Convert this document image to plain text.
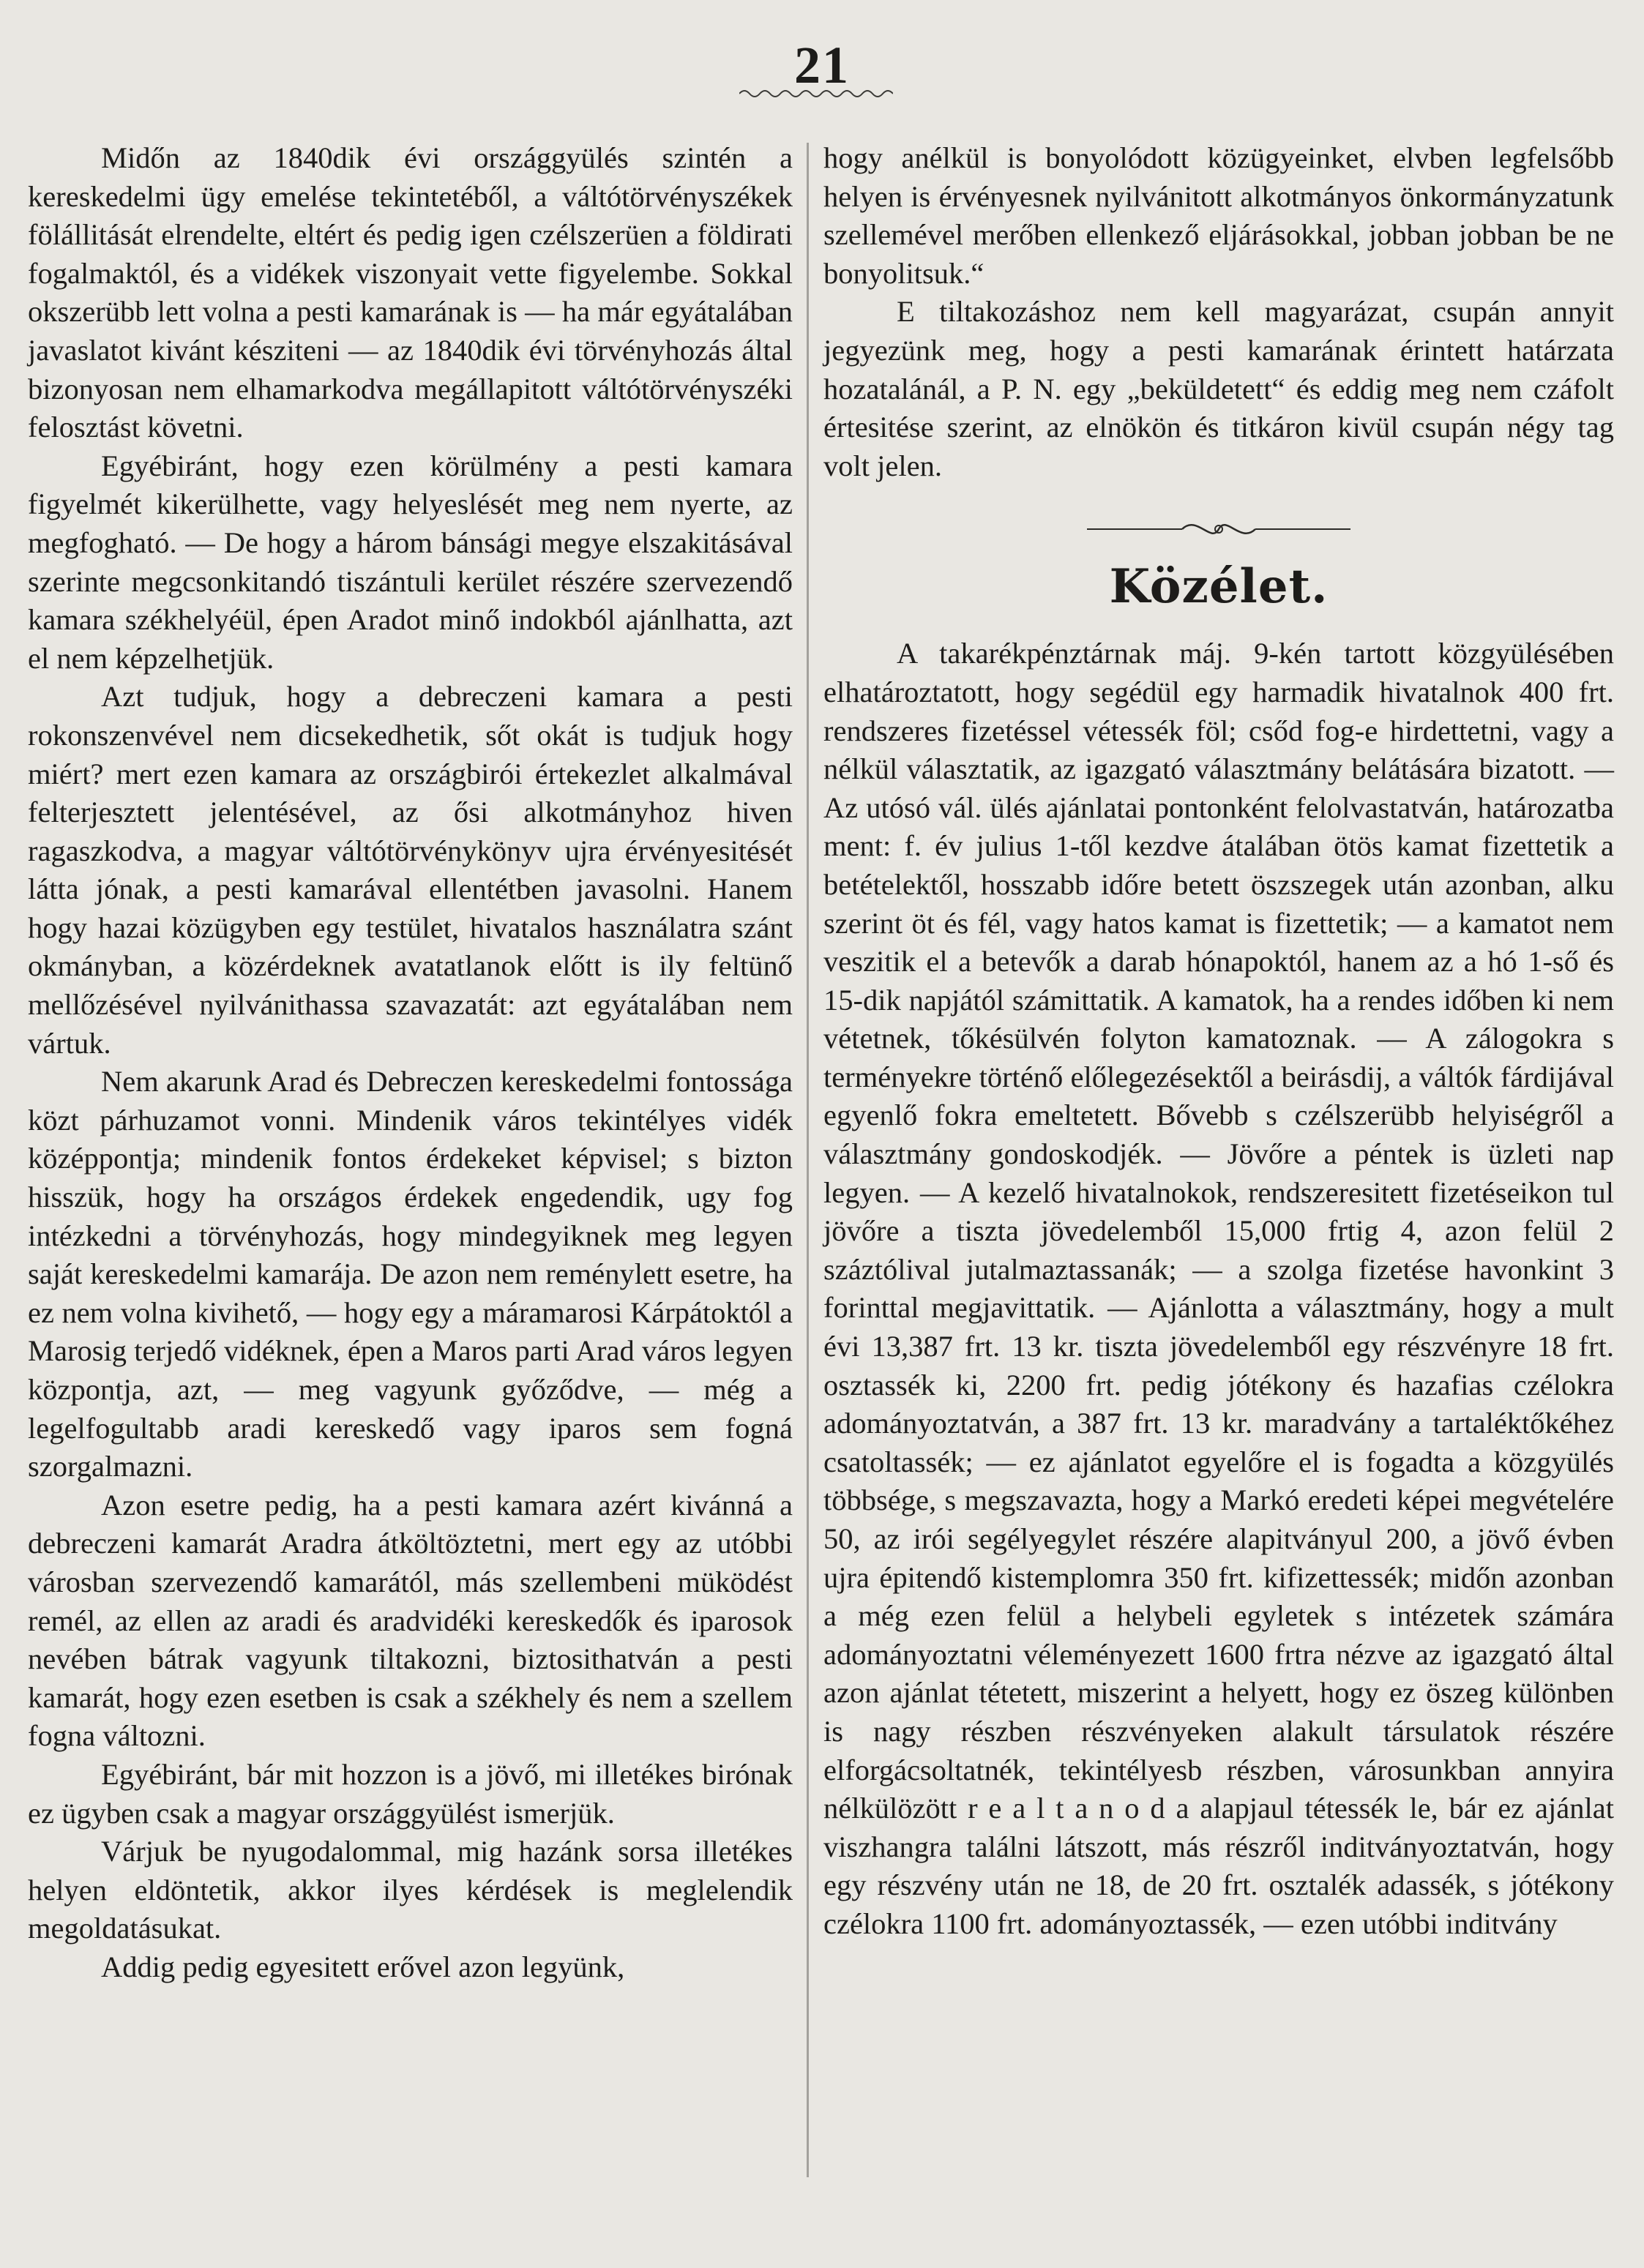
21

Midőn az 1840dik évi országgyülés szintén a kereskedelmi ügy emelése tekintetéből, a váltótörvényszékek fölállitását elrendelte, eltért és pedig igen czélszerüen a földirati fogalmaktól, és a vidékek viszonyait vette figyelembe. Sokkal okszerübb lett volna a pesti kamarának is — ha már egyátalában javaslatot kivánt késziteni — az 1840dik évi törvényhozás által bizonyosan nem elhamarkodva megállapitott váltótörvényszéki felosztást követni.

Egyébiránt, hogy ezen körülmény a pesti kamara figyelmét kikerülhette, vagy helyeslését meg nem nyerte, az megfogható. — De hogy a három bánsági megye elszakitásával szerinte megcsonkitandó tiszántuli kerület részére szervezendő kamara székhelyéül, épen Aradot minő indokból ajánlhatta, azt el nem képzelhetjük.

Azt tudjuk, hogy a debreczeni kamara a pesti rokonszenvével nem dicsekedhetik, sőt okát is tudjuk hogy miért? mert ezen kamara az országbirói értekezlet alkalmával felterjesztett jelentésével, az ősi alkotmányhoz hiven ragaszkodva, a magyar váltótörvénykönyv ujra érvényesitését látta jónak, a pesti kamarával ellentétben javasolni. Hanem hogy hazai közügyben egy testület, hivatalos használatra szánt okmányban, a közérdeknek avatatlanok előtt is ily feltünő mellőzésével nyilvánithassa szavazatát: azt egyátalában nem vártuk.

Nem akarunk Arad és Debreczen kereskedelmi fontossága közt párhuzamot vonni. Mindenik város tekintélyes vidék középpontja; mindenik fontos érdekeket képvisel; s bizton hisszük, hogy ha országos érdekek engedendik, ugy fog intézkedni a törvényhozás, hogy mindegyiknek meg legyen saját kereskedelmi kamarája. De azon nem reménylett esetre, ha ez nem volna kivihető, — hogy egy a máramarosi Kárpátoktól a Marosig terjedő vidéknek, épen a Maros parti Arad város legyen központja, azt, — meg vagyunk győződve, — még a legelfogultabb aradi kereskedő vagy iparos sem fogná szorgalmazni.

Azon esetre pedig, ha a pesti kamara azért kivánná a debreczeni kamarát Aradra átköltöztetni, mert egy az utóbbi városban szervezendő kamarától, más szellembeni müködést remél, az ellen az aradi és aradvidéki kereskedők és iparosok nevében bátrak vagyunk tiltakozni, biztosithatván a pesti kamarát, hogy ezen esetben is csak a székhely és nem a szellem fogna változni.

Egyébiránt, bár mit hozzon is a jövő, mi illetékes birónak ez ügyben csak a magyar országgyülést ismerjük.

Várjuk be nyugodalommal, mig hazánk sorsa illetékes helyen eldöntetik, akkor ilyes kérdések is meglelendik megoldatásukat.

Addig pedig egyesitett erővel azon legyünk,

hogy anélkül is bonyolódott közügyeinket, elvben legfelsőbb helyen is érvényesnek nyilvánitott alkotmányos önkormányzatunk szellemével merőben ellenkező eljárásokkal, jobban jobban be ne bonyolitsuk.“

E tiltakozáshoz nem kell magyarázat, csupán annyit jegyezünk meg, hogy a pesti kamarának érintett határzata hozatalánál, a P. N. egy „beküldetett“ és eddig meg nem czáfolt értesitése szerint, az elnökön és titkáron kivül csupán négy tag volt jelen.

Közélet.

A takarékpénztárnak máj. 9-kén tartott közgyülésében elhatároztatott, hogy segédül egy harmadik hivatalnok 400 frt. rendszeres fizetéssel vétessék föl; csőd fog-e hirdettetni, vagy a nélkül választatik, az igazgató választmány belátására bizatott. — Az utósó vál. ülés ajánlatai pontonként felolvastatván, határozatba ment: f. év julius 1-től kezdve átalában ötös kamat fizettetik a betételektől, hosszabb időre betett öszszegek után azonban, alku szerint öt és fél, vagy hatos kamat is fizettetik; — a kamatot nem veszitik el a betevők a darab hónapoktól, hanem az a hó 1-ső és 15-dik napjától számittatik. A kamatok, ha a rendes időben ki nem vétetnek, tőkésülvén folyton kamatoznak. — A zálogokra s terményekre történő előlegezésektől a beirásdij, a váltók fárdijával egyenlő fokra emeltetett. Bővebb s czélszerübb helyiségről a választmány gondoskodjék. — Jövőre a péntek is üzleti nap legyen. — A kezelő hivatalnokok, rendszeresitett fizetéseikon tul jövőre a tiszta jövedelemből 15,000 frtig 4, azon felül 2 száztólival jutalmaztassanák; — a szolga fizetése havonkint 3 forinttal megjavittatik. — Ajánlotta a választmány, hogy a mult évi 13,387 frt. 13 kr. tiszta jövedelemből egy részvényre 18 frt. osztassék ki, 2200 frt. pedig jótékony és hazafias czélokra adományoztatván, a 387 frt. 13 kr. maradvány a tartaléktőkéhez csatoltassék; — ez ajánlatot egyelőre el is fogadta a közgyülés többsége, s megszavazta, hogy a Markó eredeti képei megvételére 50, az irói segélyegylet részére alapitványul 200, a jövő évben ujra épitendő kistemplomra 350 frt. kifizettessék; midőn azonban a még ezen felül a helybeli egyletek s intézetek számára adományoztatni véleményezett 1600 frtra nézve az igazgató által azon ajánlat tétetett, miszerint a helyett, hogy ez öszeg különben is nagy részben részvényeken alakult társulatok részére elforgácsoltatnék, tekintélyesb részben, városunkban annyira nélkülözött r e a l t a n o d a alapjaul tétessék le, bár ez ajánlat viszhangra találni látszott, más részről inditványoztatván, hogy egy részvény után ne 18, de 20 frt. osztalék adassék, s jótékony czélokra 1100 frt. adományoztassék, — ezen utóbbi inditvány
